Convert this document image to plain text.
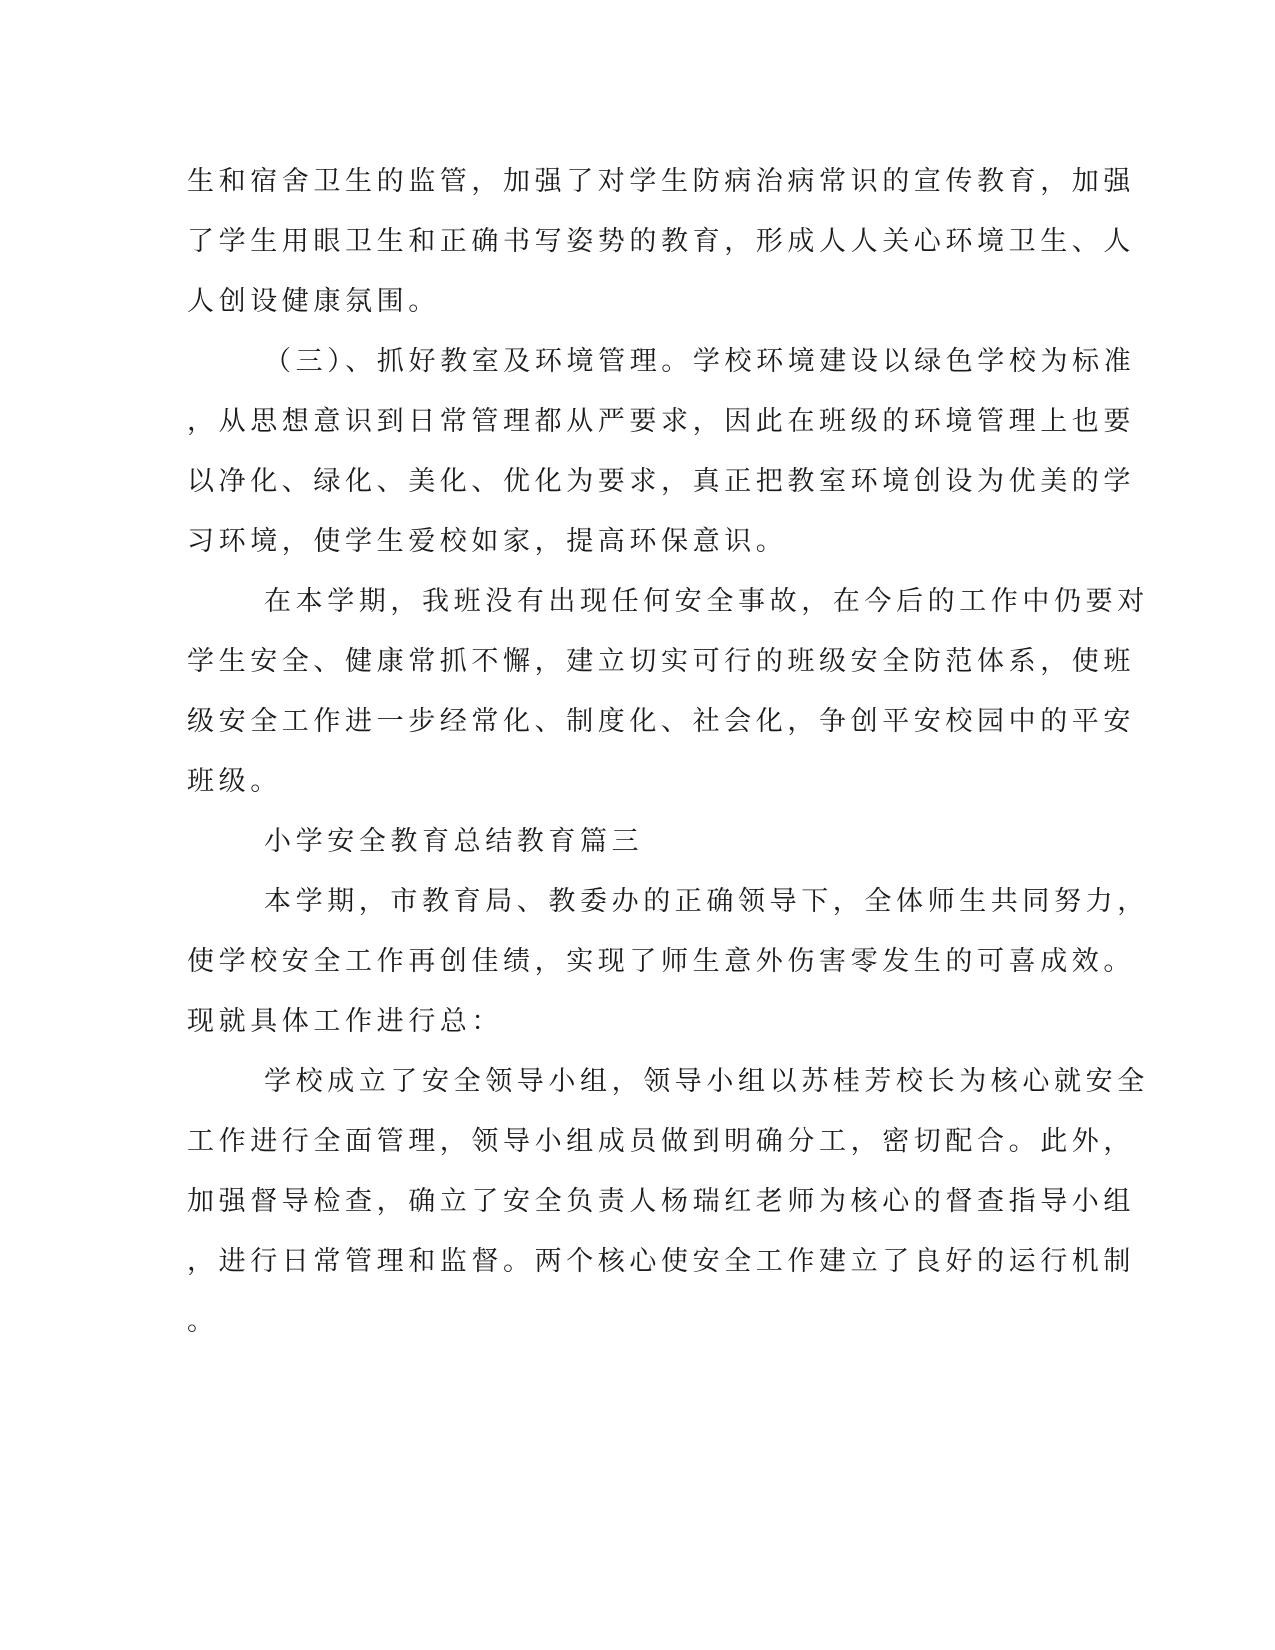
生和宿舍卫生的监管，加强了对学生防病治病常识的宣传教育，加强

了学生用眼卫生和正确书写姿势的教育，形成人人关心环境卫生、人

人创设健康氛围。

（三）、抓好教室及环境管理。学校环境建设以绿色学校为标准

，从思想意识到日常管理都从严要求，因此在班级的环境管理上也要

以净化、绿化、美化、优化为要求，真正把教室环境创设为优美的学

习环境，使学生爱校如家，提高环保意识。

在本学期，我班没有出现任何安全事故，在今后的工作中仍要对

学生安全、健康常抓不懈，建立切实可行的班级安全防范体系，使班

级安全工作进一步经常化、制度化、社会化，争创平安校园中的平安

班级。

小学安全教育总结教育篇三

本学期，市教育局、教委办的正确领导下，全体师生共同努力，

使学校安全工作再创佳绩，实现了师生意外伤害零发生的可喜成效。

现就具体工作进行总：

学校成立了安全领导小组，领导小组以苏桂芳校长为核心就安全

工作进行全面管理，领导小组成员做到明确分工，密切配合。此外，

加强督导检查，确立了安全负责人杨瑞红老师为核心的督查指导小组

，进行日常管理和监督。两个核心使安全工作建立了良好的运行机制

。
